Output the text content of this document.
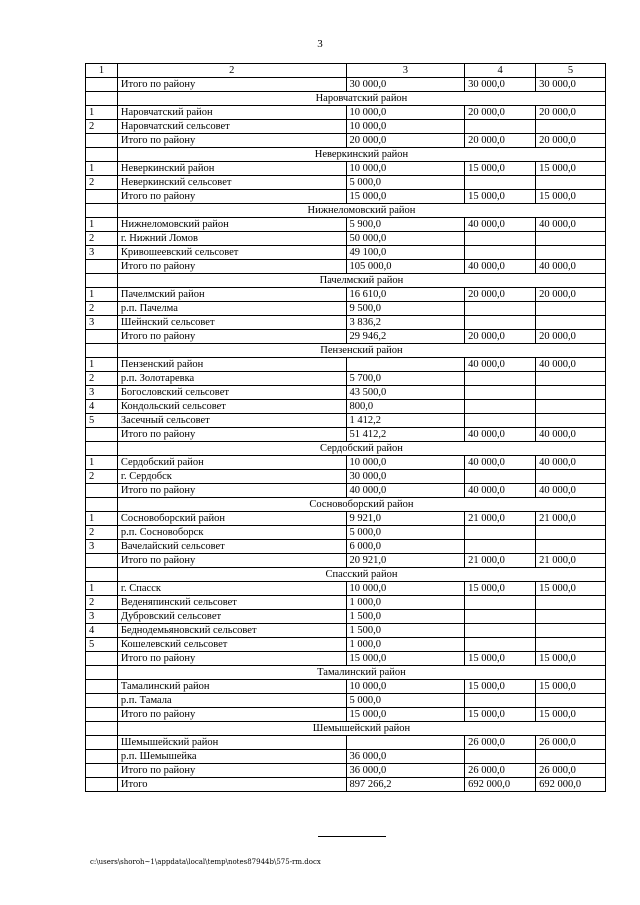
3
1	2	3	4	5
	Итого по району	30 000,0	30 000,0	30 000,0
	Наровчатский район			
1	Наровчатский район	10 000,0	20 000,0	20 000,0
2	Наровчатский сельсовет	10 000,0		
	Итого по району	20 000,0	20 000,0	20 000,0
	Неверкинский район			
1	Неверкинский район	10 000,0	15 000,0	15 000,0
2	Неверкинский сельсовет	5 000,0		
	Итого по району	15 000,0	15 000,0	15 000,0
	Нижнеломовский район			
1	Нижнеломовский район	5 900,0	40 000,0	40 000,0
2	г. Нижний Ломов	50 000,0		
3	Кривошеевский сельсовет	49 100,0		
	Итого по району	105 000,0	40 000,0	40 000,0
	Пачелмский район			
1	Пачелмский район	16 610,0	20 000,0	20 000,0
2	р.п. Пачелма	9 500,0		
3	Шейнский сельсовет	3 836,2		
	Итого по району	29 946,2	20 000,0	20 000,0
	Пензенский район			
1	Пензенский район		40 000,0	40 000,0
2	р.п. Золотаревка	5 700,0		
3	Богословский сельсовет	43 500,0		
4	Кондольский сельсовет	800,0		
5	Засечный сельсовет	1 412,2		
	Итого по району	51 412,2	40 000,0	40 000,0
	Сердобский район			
1	Сердобский район	10 000,0	40 000,0	40 000,0
2	г. Сердобск	30 000,0		
	Итого по району	40 000,0	40 000,0	40 000,0
	Сосновоборский район			
1	Сосновоборский район	9 921,0	21 000,0	21 000,0
2	р.п. Сосновоборск	5 000,0		
3	Вачелайский сельсовет	6 000,0		
	Итого по району	20 921,0	21 000,0	21 000,0
	Спасский район			
1	г. Спасск	10 000,0	15 000,0	15 000,0
2	Веденяпинский сельсовет	1 000,0		
3	Дубровский сельсовет	1 500,0		
4	Беднодемьяновский сельсовет	1 500,0		
5	Кошелевский сельсовет	1 000,0		
	Итого по району	15 000,0	15 000,0	15 000,0
	Тамалинский район			
	Тамалинский район	10 000,0	15 000,0	15 000,0
	р.п. Тамала	5 000,0		
	Итого по району	15 000,0	15 000,0	15 000,0
	Шемышейский район			
	Шемышейский район		26 000,0	26 000,0
	р.п. Шемышейка	36 000,0		
	Итого по району	36 000,0	26 000,0	26 000,0
	Итого	897 266,2	692 000,0	692 000,0
c:\users\shoroh~1\appdata\local\temp\notes87944b\575-rm.docx
